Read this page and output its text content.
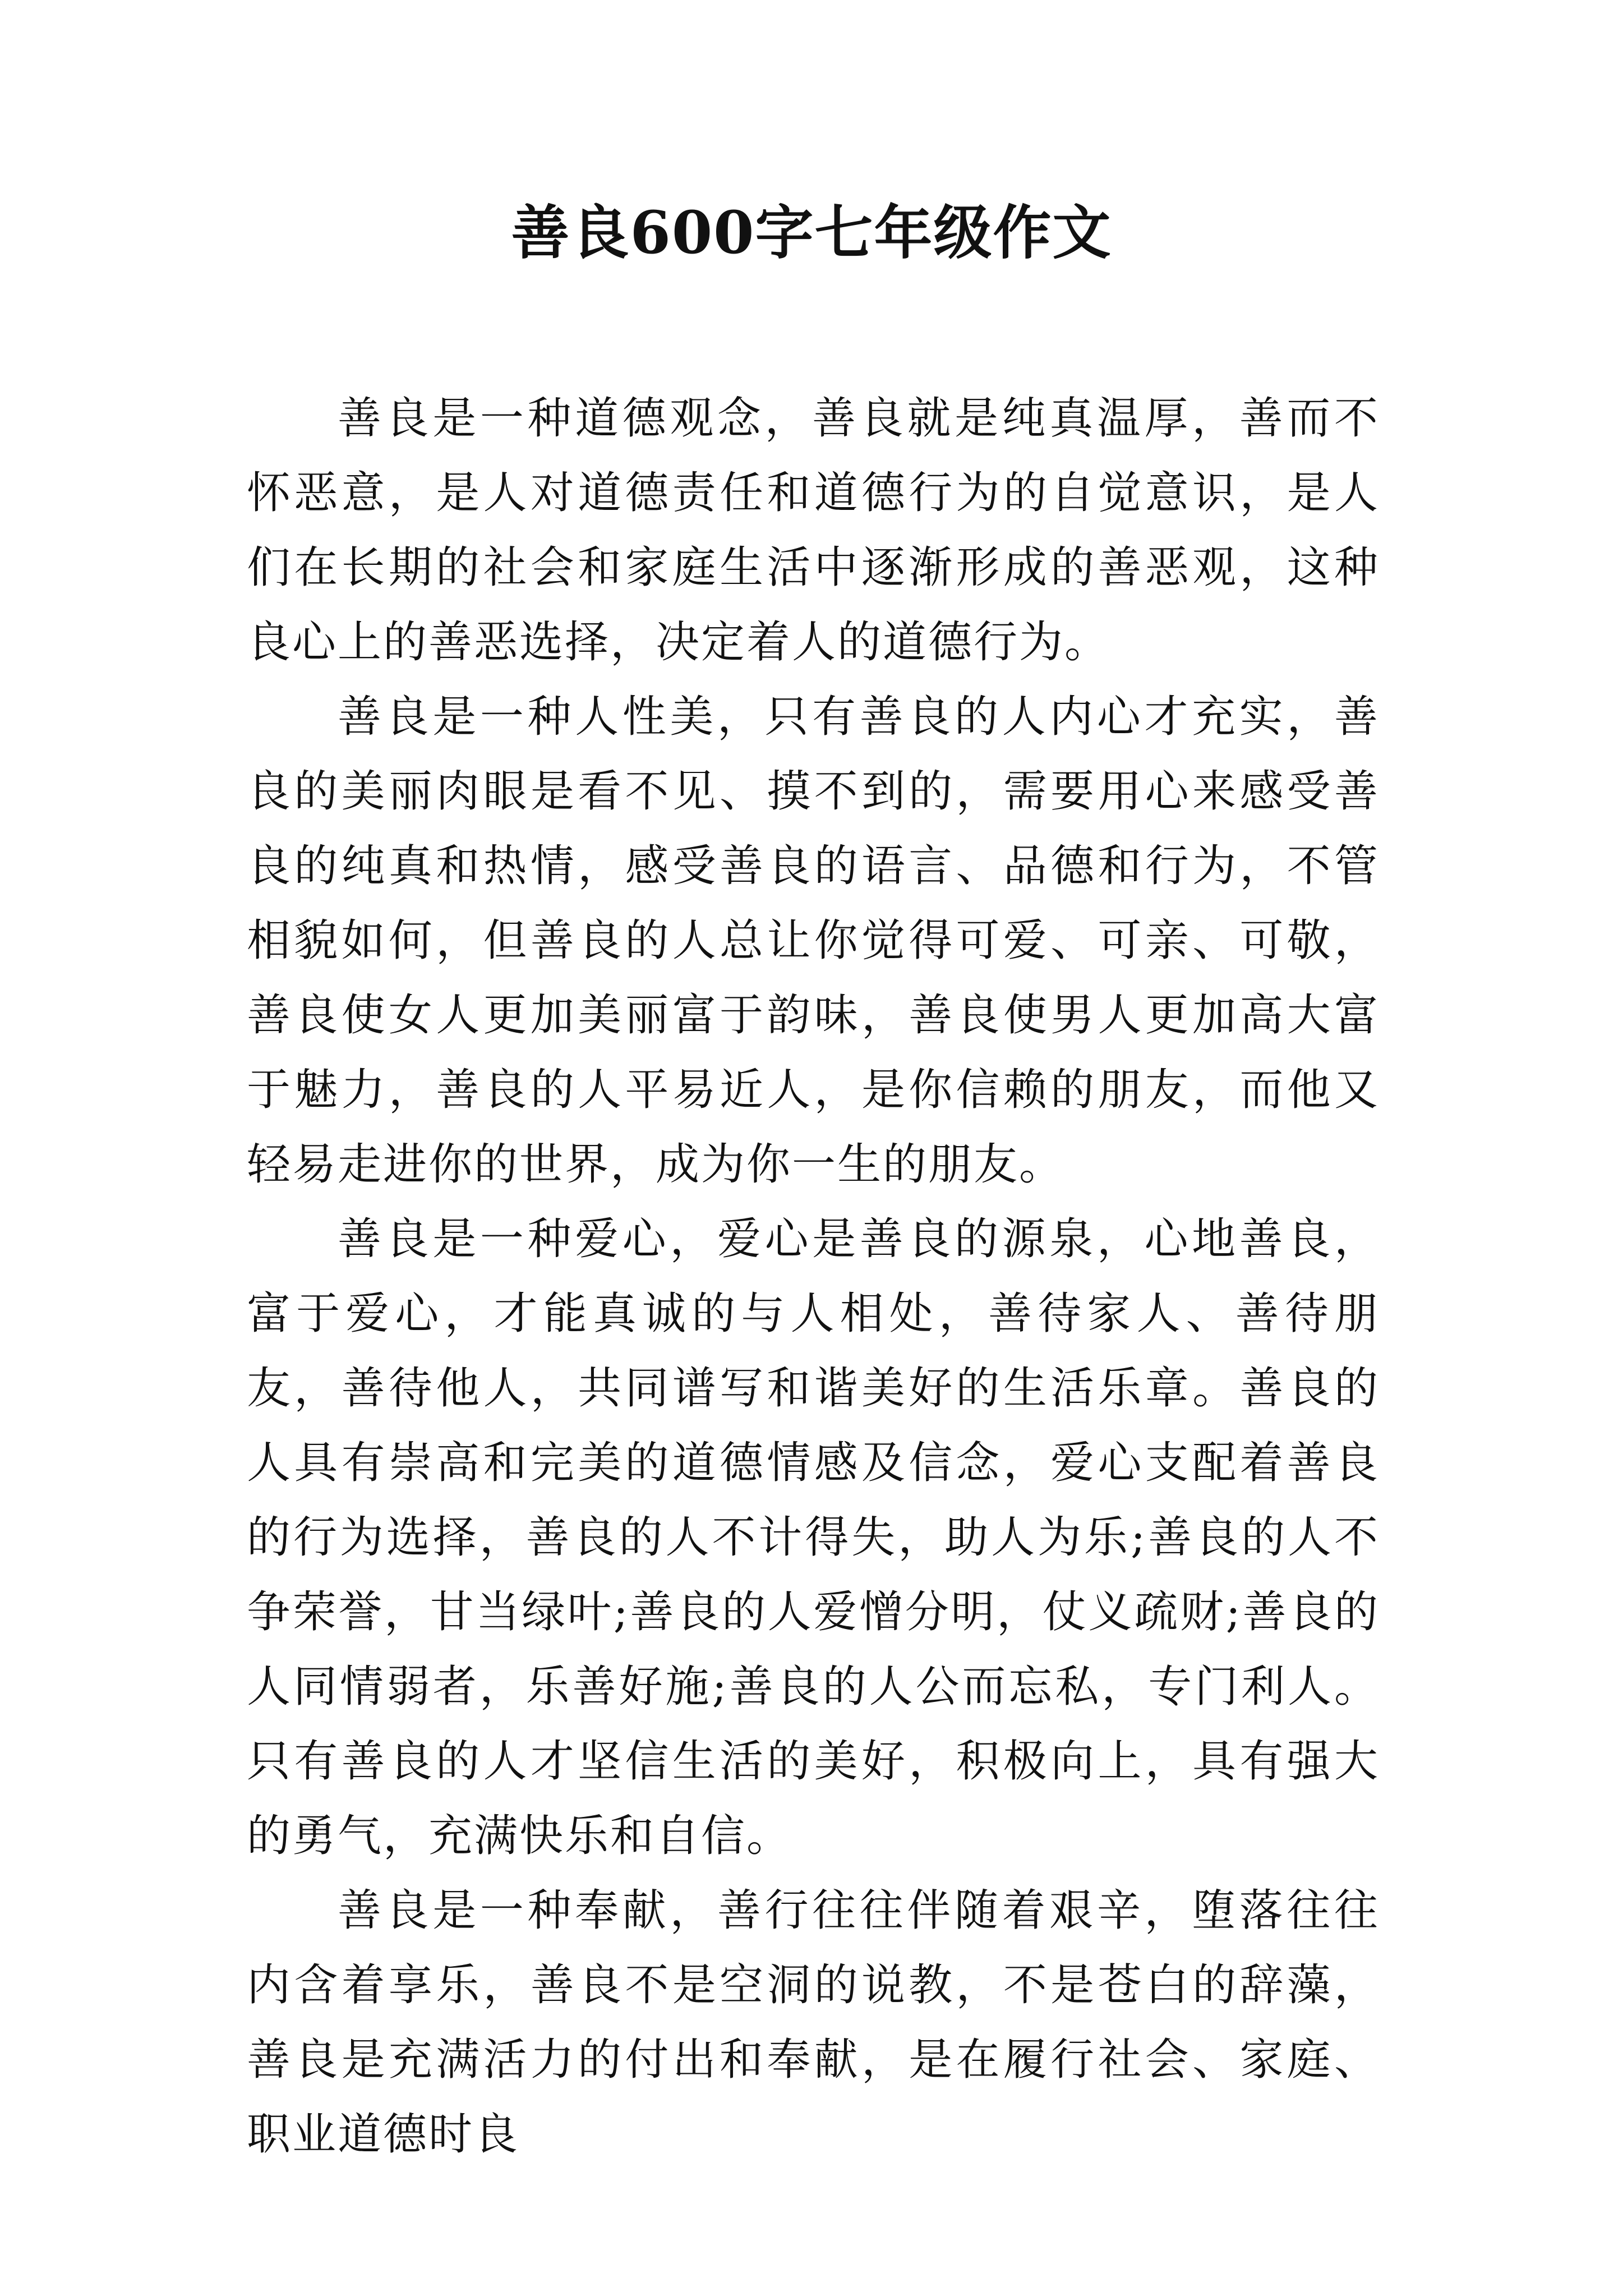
善良600字七年级作文

善良是一种道德观念，善良就是纯真温厚，善而不怀恶意，是人对道德责任和道德行为的自觉意识，是人们在长期的社会和家庭生活中逐渐形成的善恶观，这种良心上的善恶选择，决定着人的道德行为。

善良是一种人性美，只有善良的人内心才充实，善良的美丽肉眼是看不见、摸不到的，需要用心来感受善良的纯真和热情，感受善良的语言、品德和行为，不管相貌如何，但善良的人总让你觉得可爱、可亲、可敬，善良使女人更加美丽富于韵味，善良使男人更加高大富于魅力，善良的人平易近人，是你信赖的朋友，而他又轻易走进你的世界，成为你一生的朋友。

善良是一种爱心，爱心是善良的源泉，心地善良，富于爱心，才能真诚的与人相处，善待家人、善待朋友，善待他人，共同谱写和谐美好的生活乐章。善良的人具有崇高和完美的道德情感及信念，爱心支配着善良的行为选择，善良的人不计得失，助人为乐;善良的人不争荣誉，甘当绿叶;善良的人爱憎分明，仗义疏财;善良的人同情弱者，乐善好施;善良的人公而忘私，专门利人。只有善良的人才坚信生活的美好，积极向上，具有强大的勇气，充满快乐和自信。

善良是一种奉献，善行往往伴随着艰辛，堕落往往内含着享乐，善良不是空洞的说教，不是苍白的辞藻，善良是充满活力的付出和奉献，是在履行社会、家庭、职业道德时良
